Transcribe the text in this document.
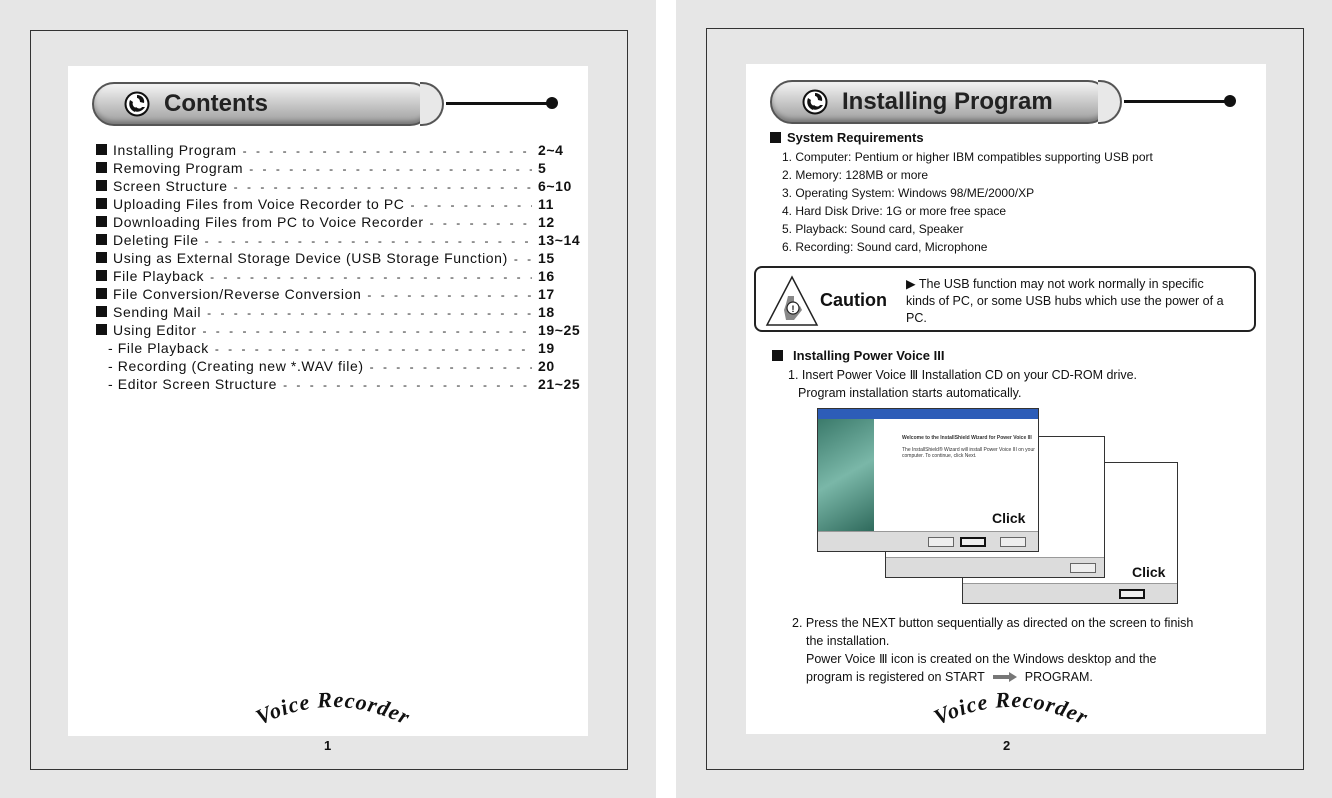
Contents
Installing Program - - -	2~4
Removing Program - - -	5
Screen Structure - - -	6~10
Uploading Files from Voice Recorder to PC - - -	11
Downloading Files from PC to Voice Recorder - - -	12
Deleting File - - -	13~14
Using as External Storage Device (USB Storage Function) - - - 15
File Playback - - -	16
File Conversion/Reverse Conversion - - -	17
Sending Mail - - -	18
Using Editor - - -	19~25
- File Playback - - -	19
- Recording (Creating new *.WAV file) - - -	20
- Editor Screen Structure - - -	21~25
Voice Recorder
1
Installing Program
System Requirements
1. Computer: Pentium or higher IBM compatibles supporting USB port
2. Memory: 128MB or more
3. Operating System: Windows 98/ME/2000/XP
4. Hard Disk Drive: 1G or more free space
5. Playback: Sound card, Speaker
6. Recording: Sound card, Microphone
! Caution
▶ The USB function may not work normally in specific kinds of PC, or some USB hubs which use the power of a PC.
Installing Power Voice III
1. Insert Power Voice Ⅲ Installation CD on your CD-ROM drive.
Program installation starts automatically.
Welcome to the InstallShield Wizard for Power Voice III
The InstallShield® Wizard will install Power Voice III on your computer. To continue, click Next.
Click
Click
2. Press the NEXT button sequentially as directed on the screen to finish
the installation.
Power Voice Ⅲ icon is created on the Windows desktop and the
program is registered on START	PROGRAM.
Voice Recorder
2
